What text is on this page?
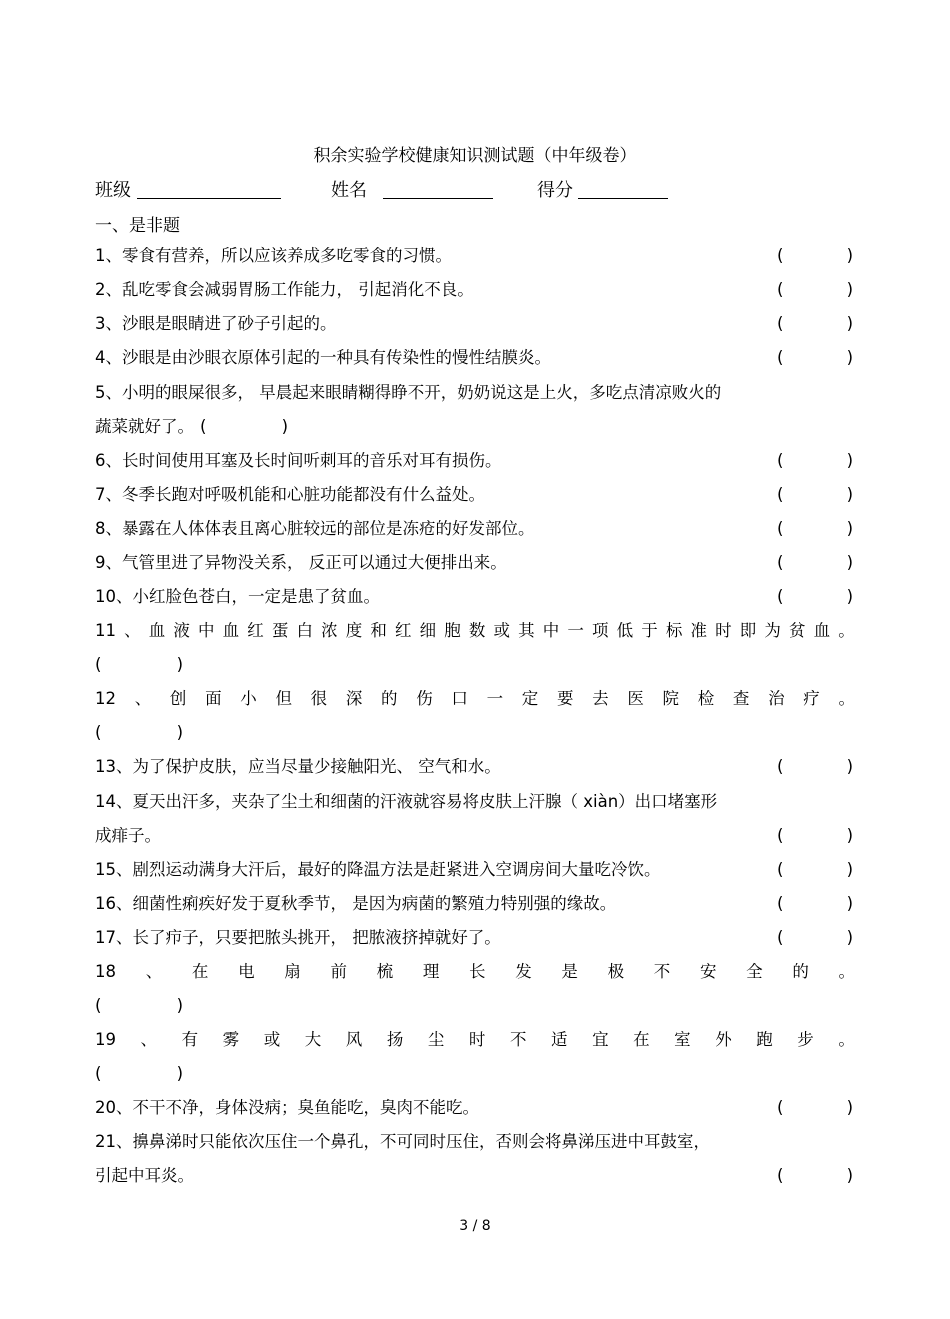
积余实验学校健康知识测试题（中年级卷）
班级	姓名	得分
一、是非题
1、零食有营养，所以应该养成多吃零食的习惯。	(	)
2、乱吃零食会减弱胃肠工作能力， 引起消化不良。	(	)
3、沙眼是眼睛进了砂子引起的。	(	)
4、沙眼是由沙眼衣原体引起的一种具有传染性的慢性结膜炎。	(	)
5、小明的眼屎很多， 早晨起来眼睛糊得睁不开，奶奶说这是上火，多吃点清凉败火的
蔬菜就好了。 (	)
6、长时间使用耳塞及长时间听刺耳的音乐对耳有损伤。	(	)
7、冬季长跑对呼吸机能和心脏功能都没有什么益处。	(	)
8、暴露在人体体表且离心脏较远的部位是冻疮的好发部位。	(	)
9、气管里进了异物没关系， 反正可以通过大便排出来。	(	)
10、小红脸色苍白，一定是患了贫血。	(	)
11 、 血 液 中 血 红 蛋 白 浓 度 和 红 细 胞 数 或 其 中 一 项 低 于 标 准 时 即 为 贫 血 。
(	)
12 、 创 面 小 但 很 深 的 伤 口 一 定 要 去 医 院 检 查 治 疗 。
(	)
13、为了保护皮肤，应当尽量少接触阳光、 空气和水。	(	)
14、夏天出汗多，夹杂了尘土和细菌的汗液就容易将皮肤上汗腺（ xiàn）出口堵塞形
成痱子。	(	)
15、剧烈运动满身大汗后，最好的降温方法是赶紧进入空调房间大量吃冷饮。	(	)
16、细菌性痢疾好发于夏秋季节， 是因为病菌的繁殖力特别强的缘故。	(	)
17、长了疖子，只要把脓头挑开， 把脓液挤掉就好了。	(	)
18 、 在 电 扇 前 梳 理 长 发 是 极 不 安 全 的 。
(	)
19 、 有 雾 或 大 风 扬 尘 时 不 适 宜 在 室 外 跑 步 。
(	)
20、不干不净，身体没病；臭鱼能吃，臭肉不能吃。	(	)
21、擤鼻涕时只能依次压住一个鼻孔，不可同时压住，否则会将鼻涕压进中耳鼓室，
引起中耳炎。	(	)
3 / 8
